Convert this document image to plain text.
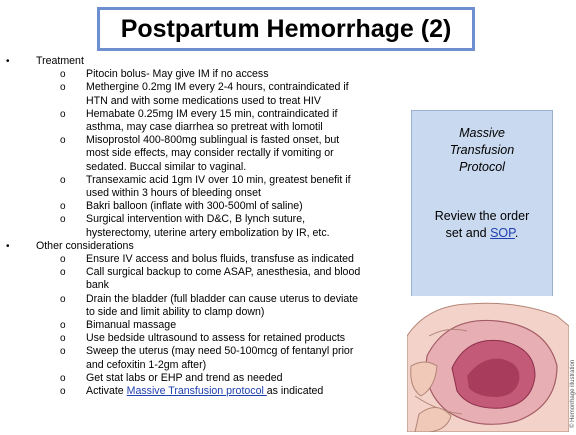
Postpartum Hemorrhage (2)
• Treatment
o Pitocin bolus- May give IM if no access
o Methergine 0.2mg IM every 2-4 hours, contraindicated if
HTN and with some medications used to treat HIV
o Hemabate 0.25mg IM every 15 min, contraindicated if
asthma, may case diarrhea so pretreat with lomotil
o Misoprostol 400-800mg sublingual is fasted onset, but
most side effects, may consider rectally if vomiting or
sedated. Buccal similar to vaginal.
o Transexamic acid 1gm IV over 10 min, greatest benefit if
used within 3 hours of bleeding onset
o Bakri balloon (inflate with 300-500ml of saline)
o Surgical intervention with D&C, B lynch suture,
hysterectomy, uterine artery embolization by IR, etc.
• Other considerations
o Ensure IV access and bolus fluids, transfuse as indicated
o Call surgical backup to come ASAP, anesthesia, and blood
bank
o Drain the bladder (full bladder can cause uterus to deviate
to side and limit ability to clamp down)
o Bimanual massage
o Use bedside ultrasound to assess for retained products
o Sweep the uterus (may need 50-100mcg of fentanyl prior
and cefoxitin 1-2gm after)
o Get stat labs or EHP and trend as needed
o Activate Massive Transfusion protocol as indicated
Massive
Transfusion
Protocol
Review the order
set and SOP.
© Hemorrhage illustration
